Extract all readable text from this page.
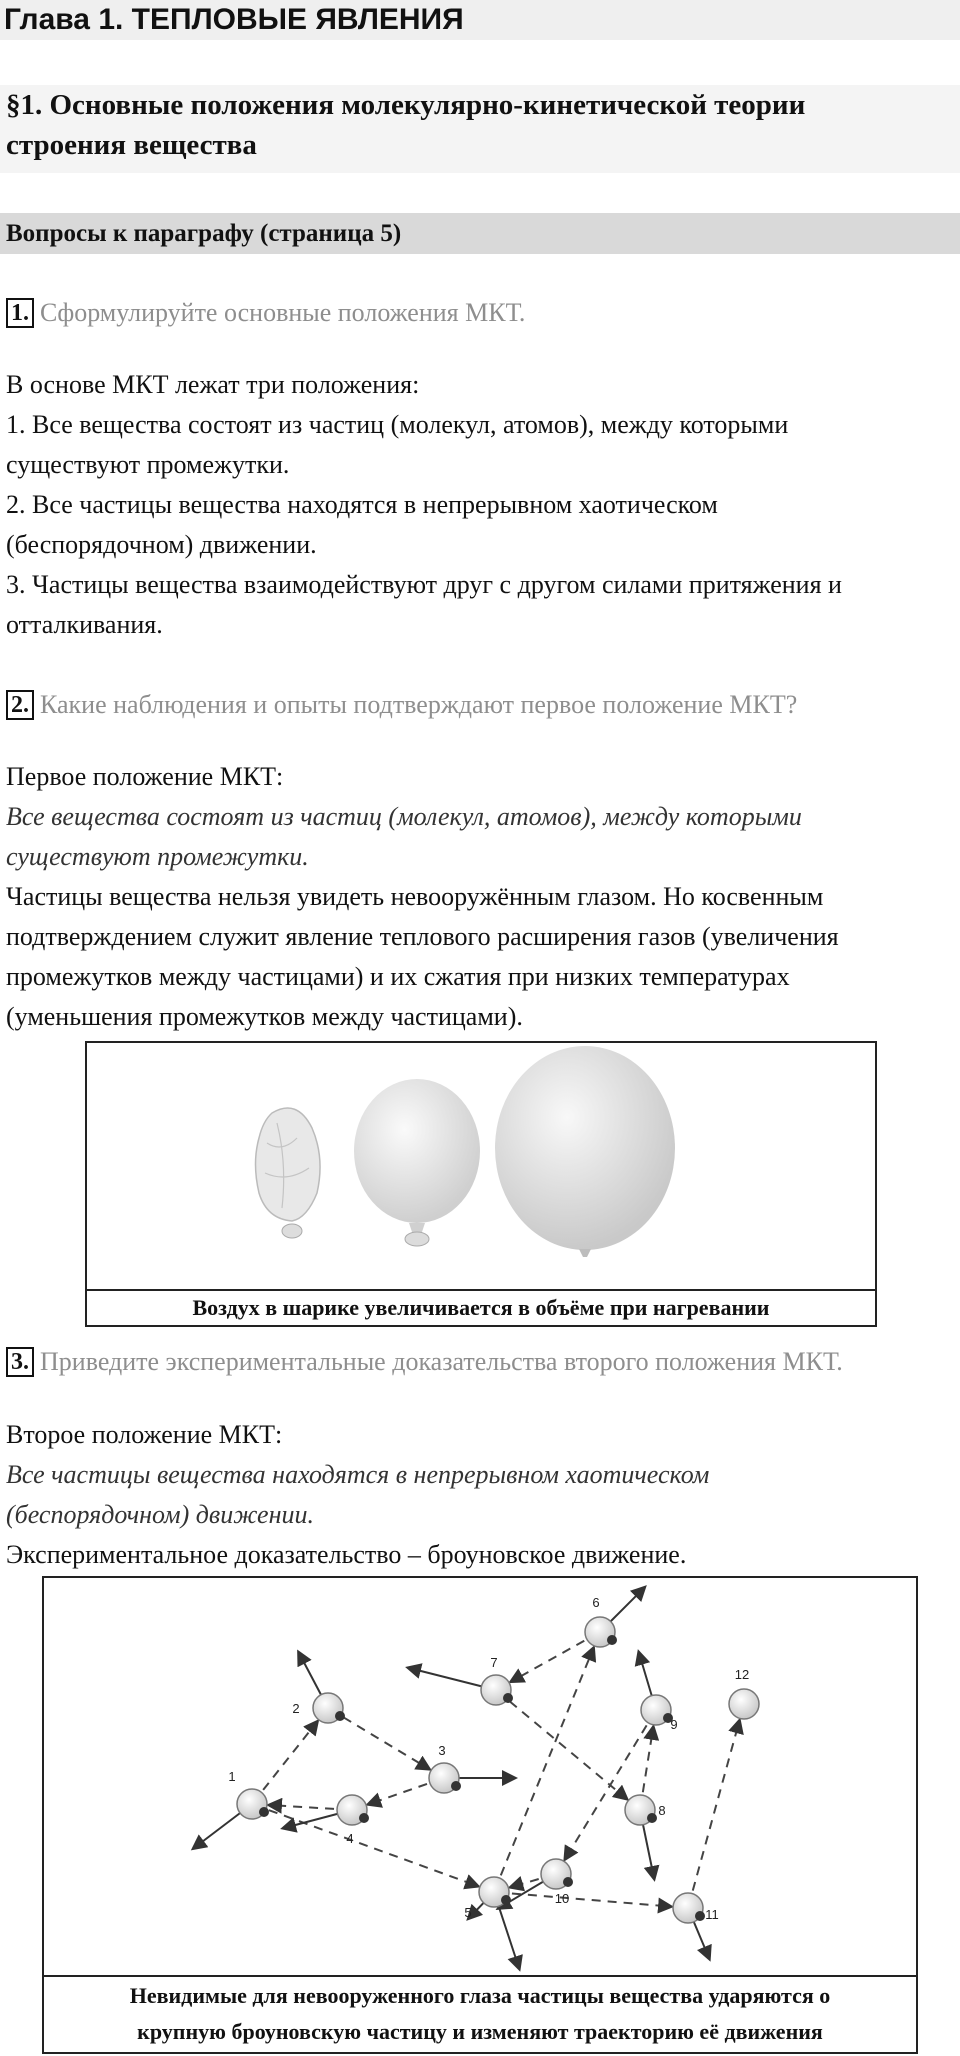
Глава 1. ТЕПЛОВЫЕ ЯВЛЕНИЯ
§1. Основные положения молекулярно-кинетической теории
строения вещества
Вопросы к параграфу (страница 5)
1. Сформулируйте основные положения МКТ.
В основе МКТ лежат три положения:
1. Все вещества состоят из частиц (молекул, атомов), между которыми
существуют промежутки.
2. Все частицы вещества находятся в непрерывном хаотическом
(беспорядочном) движении.
3. Частицы вещества взаимодействуют друг с другом силами притяжения и
отталкивания.
2. Какие наблюдения и опыты подтверждают первое положение МКТ?
Первое положение МКТ:
Все вещества состоят из частиц (молекул, атомов), между которыми
существуют промежутки.
Частицы вещества нельзя увидеть невооружённым глазом. Но косвенным
подтверждением служит явление теплового расширения газов (увеличения
промежутков между частицами) и их сжатия при низких температурах
(уменьшения промежутков между частицами).
Воздух в шарике увеличивается в объёме при нагревании
3. Приведите экспериментальные доказательства второго положения МКТ.
Второе положение МКТ:
Все частицы вещества находятся в непрерывном хаотическом
(беспорядочном) движении.
Экспериментальное доказательство – броуновское движение.
1
2
3
4
5
6
7
8
9
10
11
12
Невидимые для невооруженного глаза частицы вещества ударяются о
крупную броуновскую частицу и изменяют траекторию её движения
